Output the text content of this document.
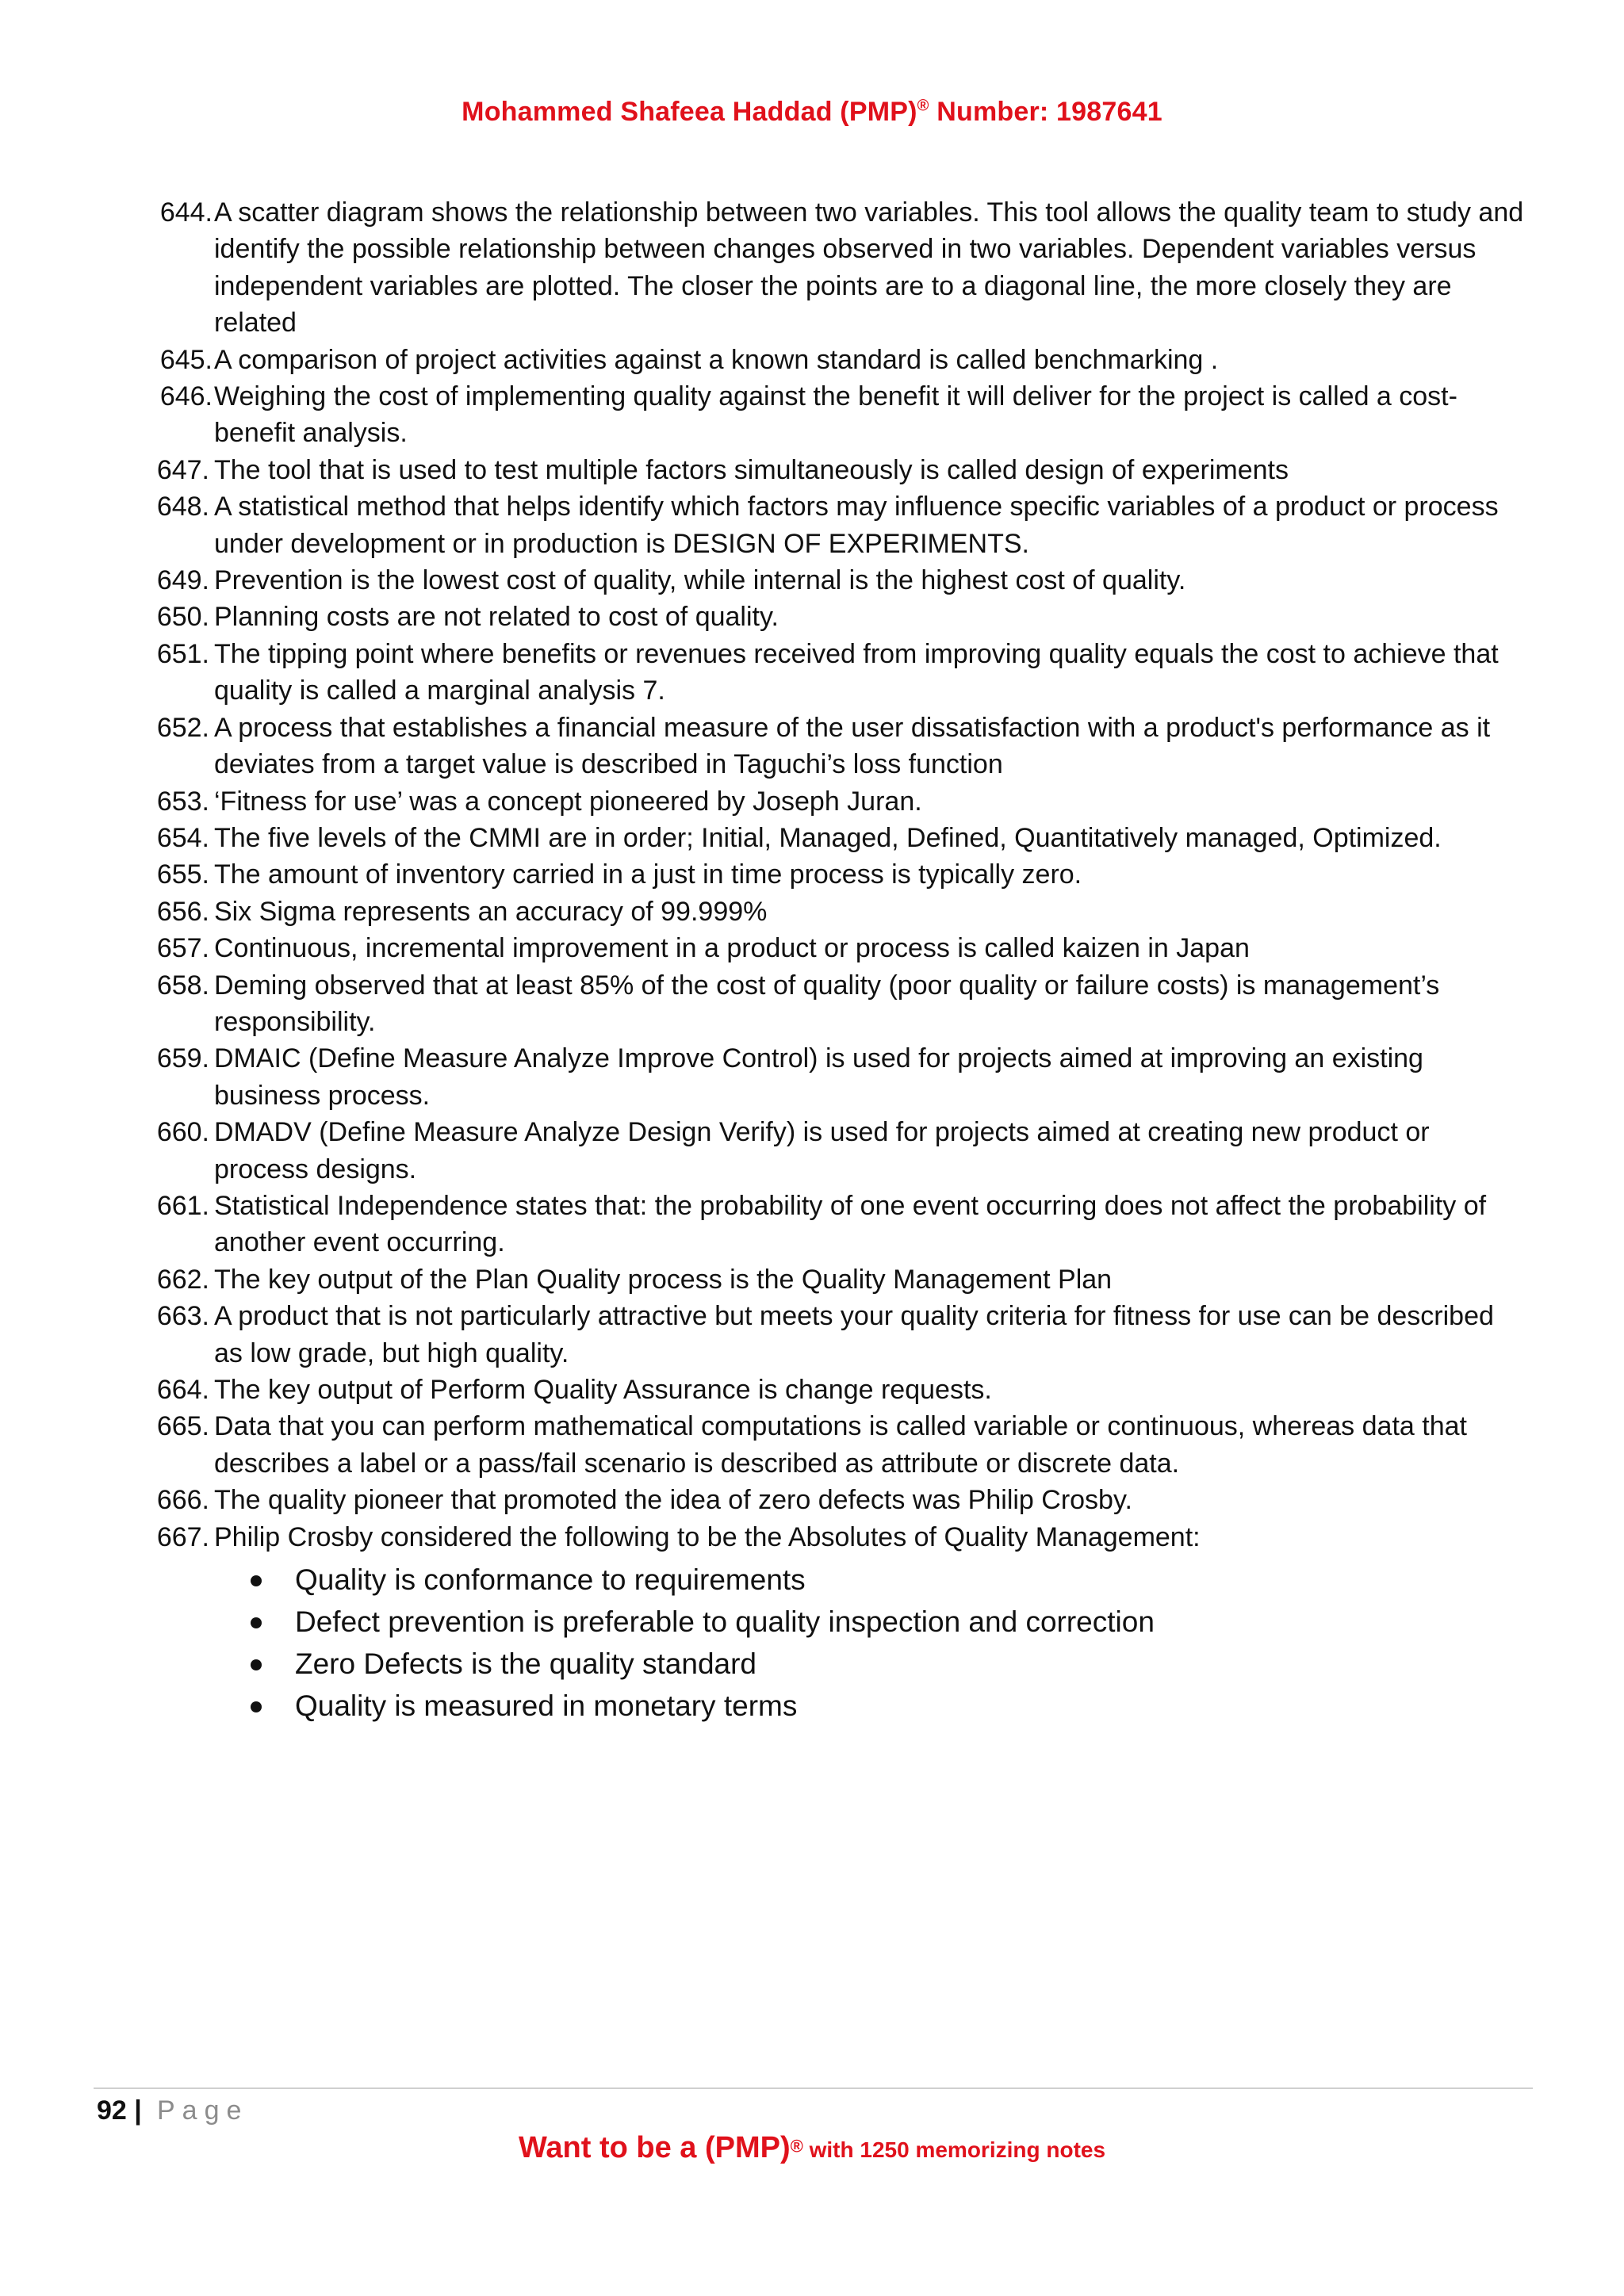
Mohammed Shafeea Haddad (PMP)® Number: 1987641
644. A scatter diagram shows the relationship between two variables. This tool allows the quality team to study and identify the possible relationship between changes observed in two variables. Dependent variables versus independent variables are plotted. The closer the points are to a diagonal line, the more closely they are related
645. A comparison of project activities against a known standard is called benchmarking .
646. Weighing the cost of implementing quality against the benefit it will deliver for the project is called a cost-benefit analysis.
647. The tool that is used to test multiple factors simultaneously is called design of experiments
648. A statistical method that helps identify which factors may influence specific variables of a product or process under development or in production is DESIGN OF EXPERIMENTS.
649. Prevention is the lowest cost of quality, while internal is the highest cost of quality.
650. Planning costs are not related to cost of quality.
651. The tipping point where benefits or revenues received from improving quality equals the cost to achieve that quality is called a marginal analysis 7.
652. A process that establishes a financial measure of the user dissatisfaction with a product's performance as it deviates from a target value is described in Taguchi’s loss function
653. ‘Fitness for use’ was a concept pioneered by Joseph Juran.
654. The five levels of the CMMI are in order; Initial, Managed, Defined, Quantitatively managed, Optimized.
655. The amount of inventory carried in a just in time process is typically zero.
656. Six Sigma represents an accuracy of 99.999%
657. Continuous, incremental improvement in a product or process is called kaizen in Japan
658. Deming observed that at least 85% of the cost of quality (poor quality or failure costs) is management’s responsibility.
659. DMAIC (Define Measure Analyze Improve Control) is used for projects aimed at improving an existing business process.
660. DMADV (Define Measure Analyze Design Verify) is used for projects aimed at creating new product or process designs.
661. Statistical Independence states that: the probability of one event occurring does not affect the probability of another event occurring.
662. The key output of the Plan Quality process is the Quality Management Plan
663. A product that is not particularly attractive but meets your quality criteria for fitness for use can be described as low grade, but high quality.
664. The key output of Perform Quality Assurance is change requests.
665. Data that you can perform mathematical computations is called variable or continuous, whereas data that describes a label or a pass/fail scenario is described as attribute or discrete data.
666. The quality pioneer that promoted the idea of zero defects was Philip Crosby.
667. Philip Crosby considered the following to be the Absolutes of Quality Management:
Quality is conformance to requirements
Defect prevention is preferable to quality inspection and correction
Zero Defects is the quality standard
Quality is measured in monetary terms
92 | Page
Want to be a (PMP)® with 1250 memorizing notes
